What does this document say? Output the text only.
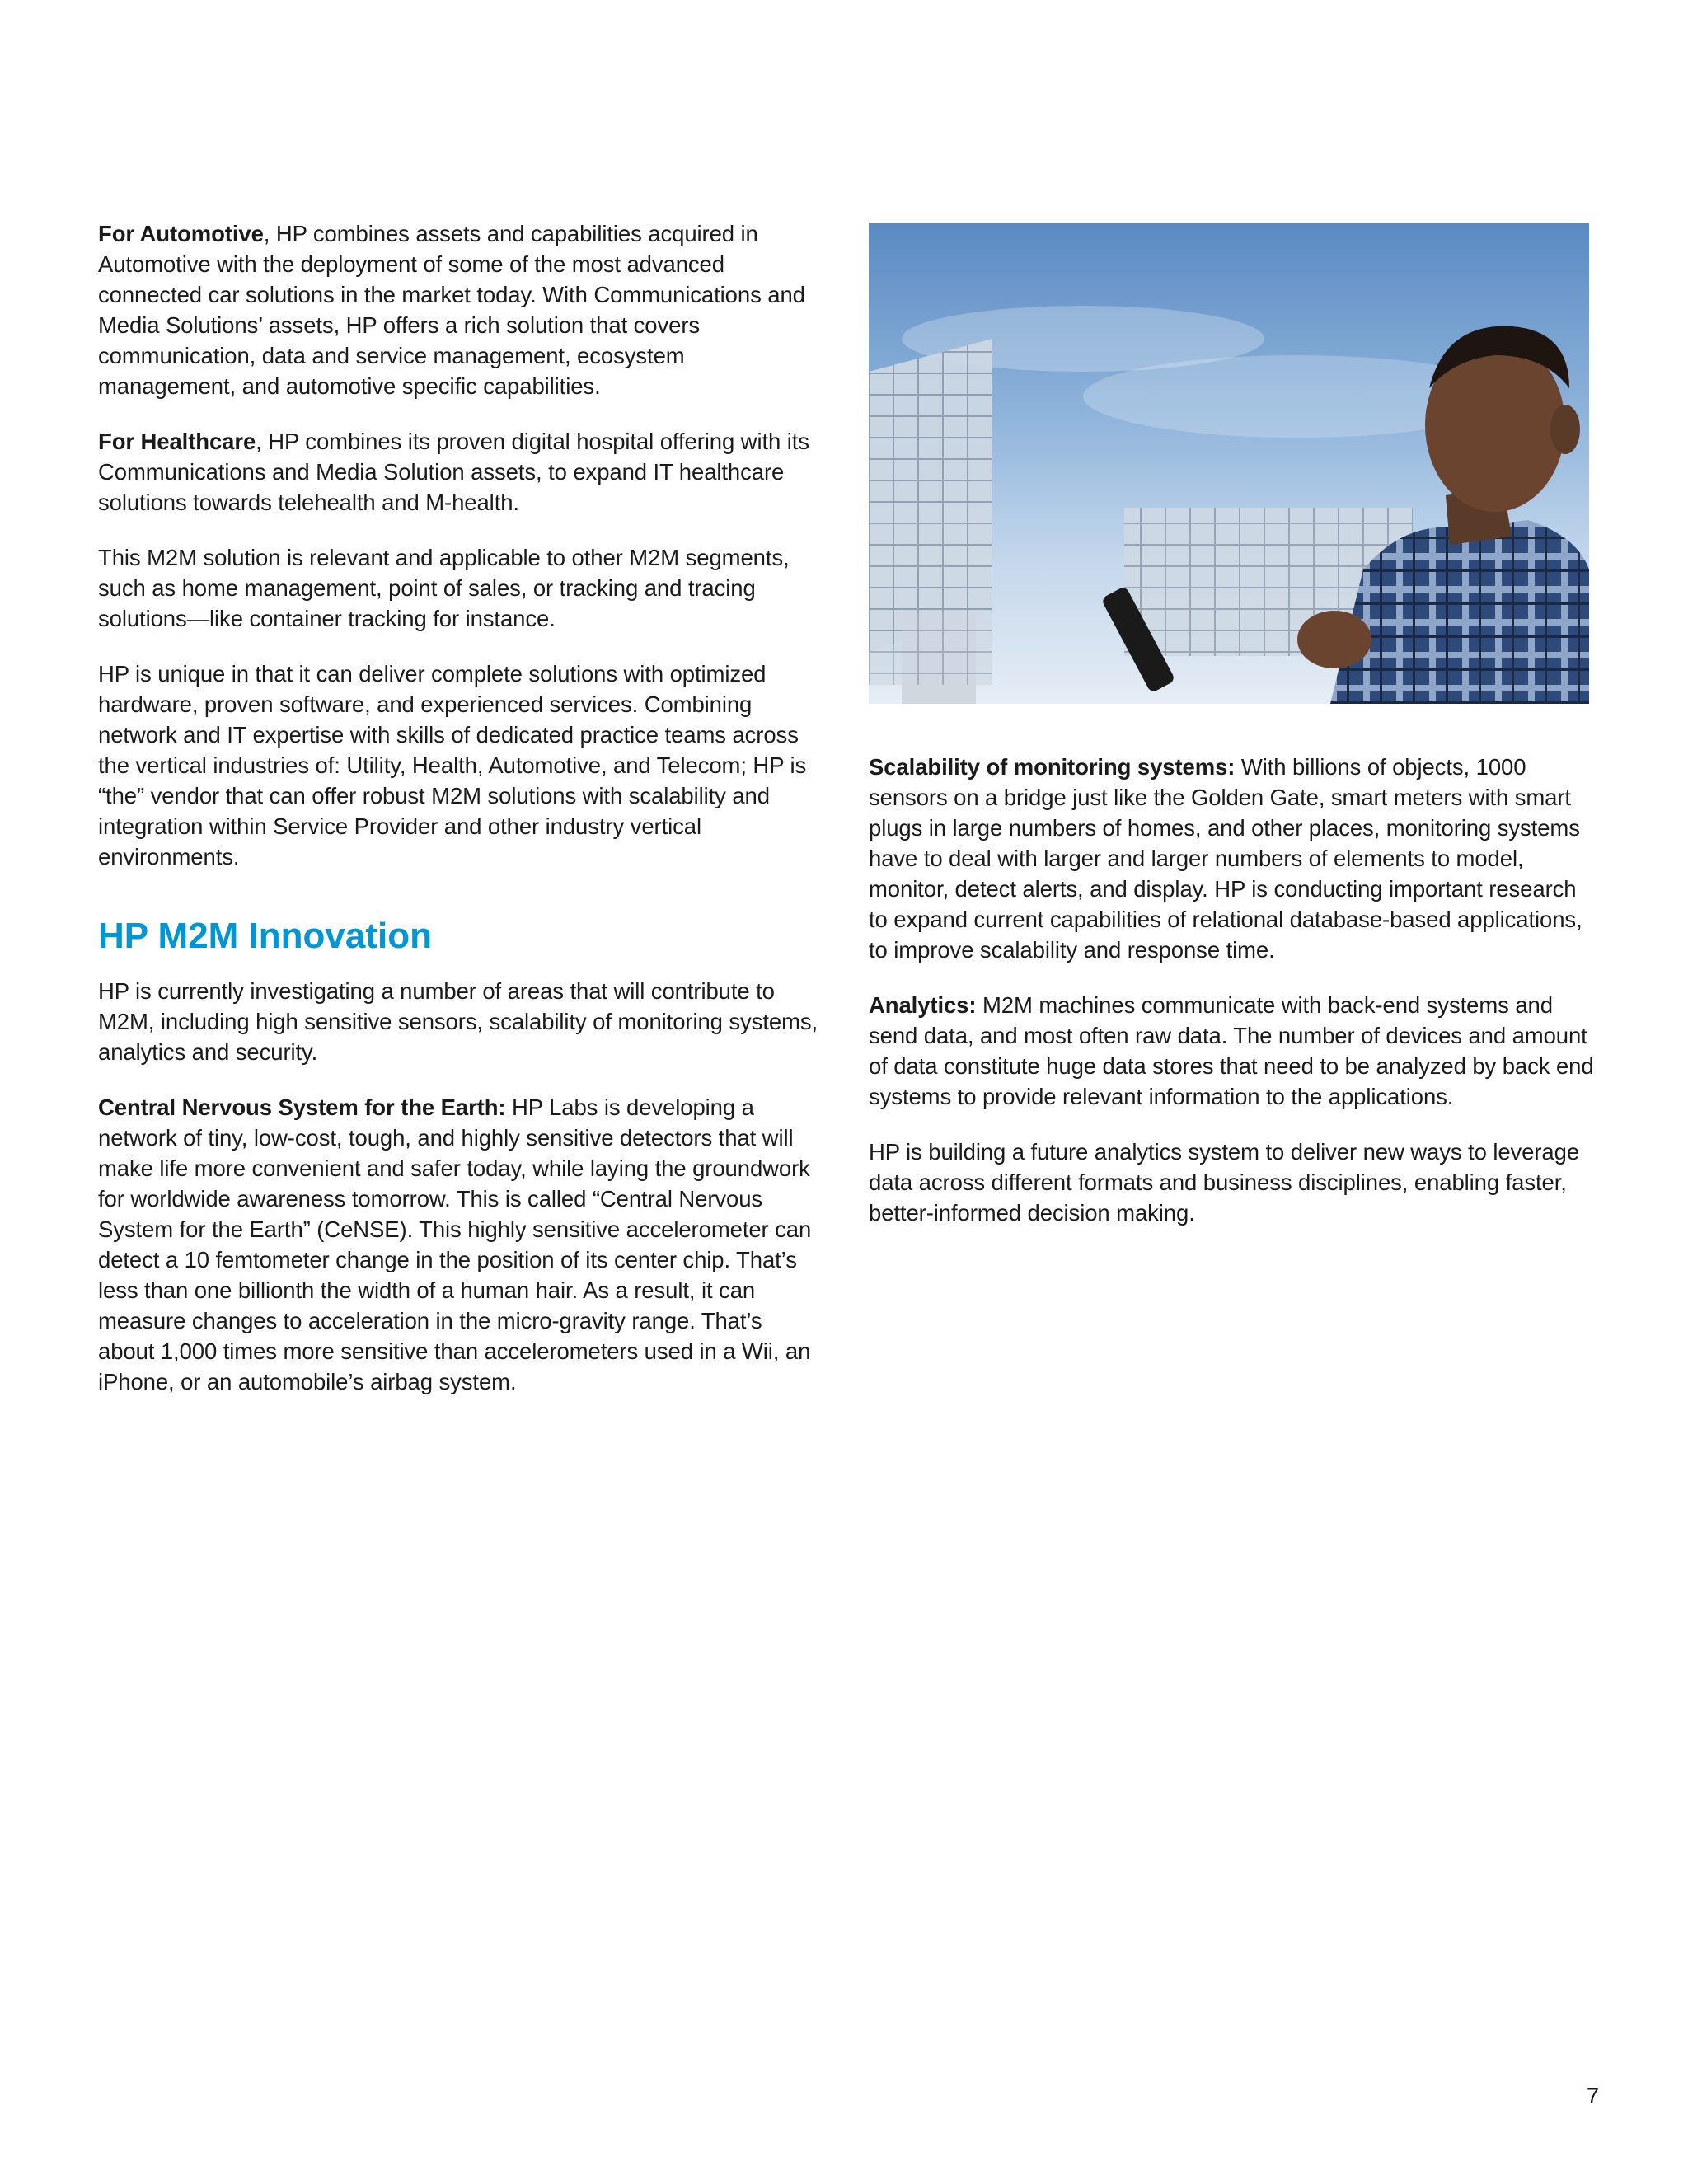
For Automotive, HP combines assets and capabilities acquired in Automotive with the deployment of some of the most advanced connected car solutions in the market today. With Communications and Media Solutions’ assets, HP offers a rich solution that covers communication, data and service management, ecosystem management, and automotive specific capabilities.

For Healthcare, HP combines its proven digital hospital offering with its Communications and Media Solution assets, to expand IT healthcare solutions towards telehealth and M-health.

This M2M solution is relevant and applicable to other M2M segments, such as home management, point of sales, or tracking and tracing solutions—like container tracking for instance.

HP is unique in that it can deliver complete solutions with optimized hardware, proven software, and experienced services. Combining network and IT expertise with skills of dedicated practice teams across the vertical industries of: Utility, Health, Automotive, and Telecom; HP is “the” vendor that can offer robust M2M solutions with scalability and integration within Service Provider and other industry vertical environments.

HP M2M Innovation

HP is currently investigating a number of areas that will contribute to M2M, including high sensitive sensors, scalability of monitoring systems, analytics and security.

Central Nervous System for the Earth: HP Labs is developing a network of tiny, low-cost, tough, and highly sensitive detectors that will make life more convenient and safer today, while laying the groundwork for worldwide awareness tomorrow. This is called “Central Nervous System for the Earth” (CeNSE). This highly sensitive accelerometer can detect a 10 femtometer change in the position of its center chip. That’s less than one billionth the width of a human hair. As a result, it can measure changes to acceleration in the micro-gravity range. That’s about 1,000 times more sensitive than accelerometers used in a Wii, an iPhone, or an automobile’s airbag system.

Scalability of monitoring systems: With billions of objects, 1000 sensors on a bridge just like the Golden Gate, smart meters with smart plugs in large numbers of homes, and other places, monitoring systems have to deal with larger and larger numbers of elements to model, monitor, detect alerts, and display. HP is conducting important research to expand current capabilities of relational database-based applications, to improve scalability and response time.

Analytics: M2M machines communicate with back-end systems and send data, and most often raw data. The number of devices and amount of data constitute huge data stores that need to be analyzed by back end systems to provide relevant information to the applications.

HP is building a future analytics system to deliver new ways to leverage data across different formats and business disciplines, enabling faster, better-informed decision making.

7
